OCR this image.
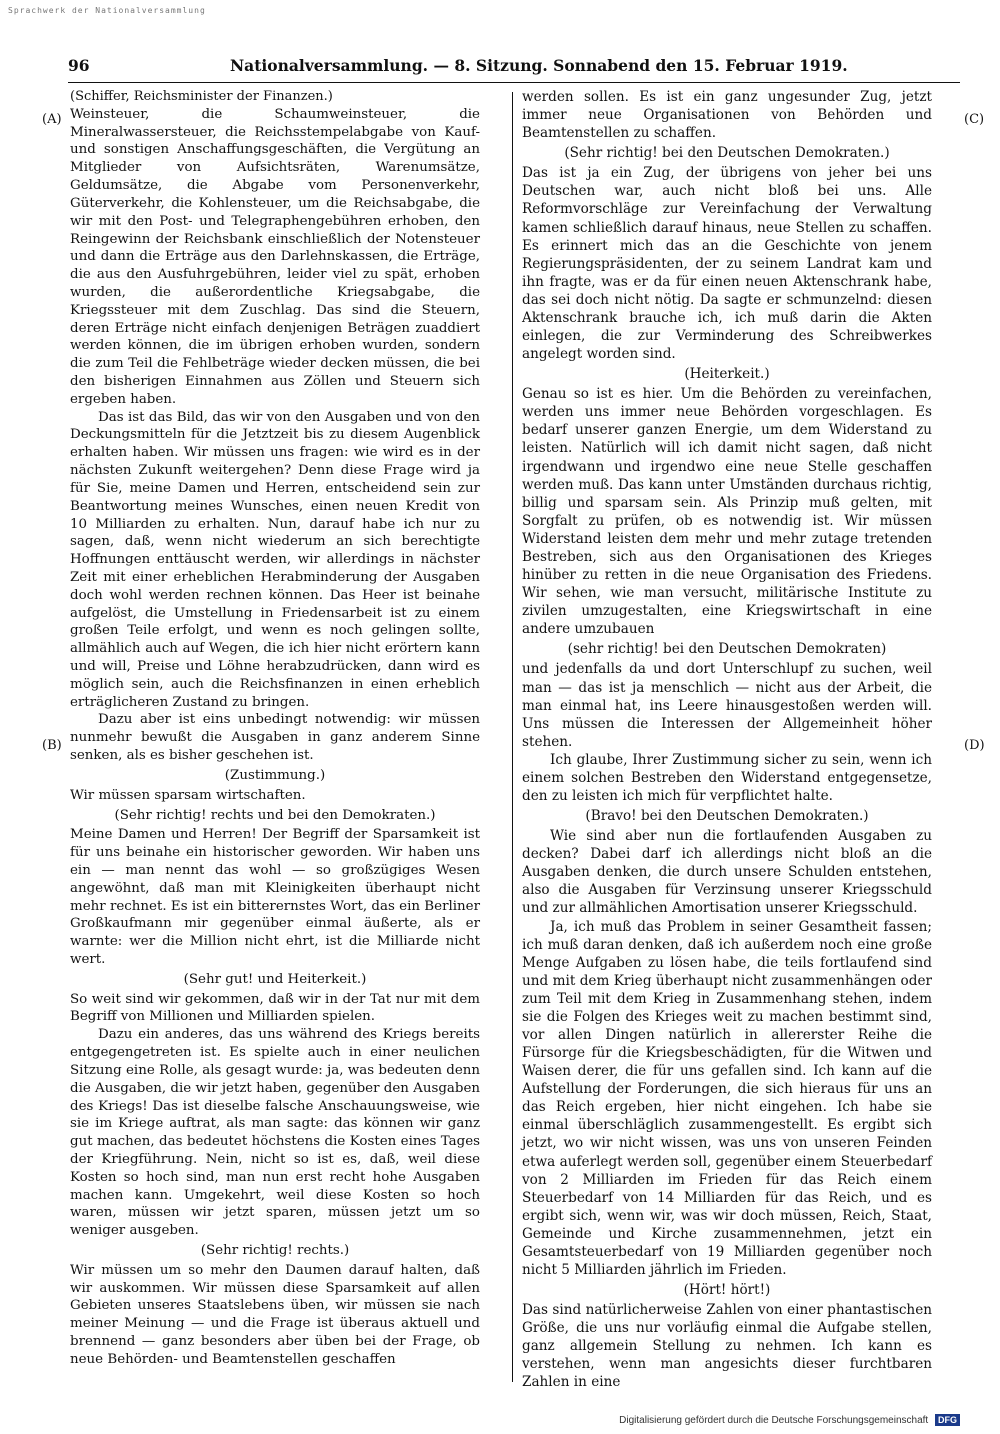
Sprachwerk der Nationalversammlung
96	Nationalversammlung. — 8. Sitzung. Sonnabend den 15. Februar 1919.
(A)
(B)
(C)
(D)

(Schiffer, Reichsminister der Finanzen.)

Weinsteuer, die Schaumweinsteuer, die Mineralwassersteuer, die Reichsstempelabgabe von Kauf- und sonstigen Anschaffungsgeschäften, die Vergütung an Mitglieder von Aufsichtsräten, Warenumsätze, Geldumsätze, die Abgabe vom Personenverkehr, Güterverkehr, die Kohlensteuer, um die Reichsabgabe, die wir mit den Post- und Telegraphengebühren erhoben, den Reingewinn der Reichsbank einschließlich der Notensteuer und dann die Erträge aus den Darlehnskassen, die Erträge, die aus den Ausfuhrgebühren, leider viel zu spät, erhoben wurden, die außerordentliche Kriegsabgabe, die Kriegssteuer mit dem Zuschlag. Das sind die Steuern, deren Erträge nicht einfach denjenigen Beträgen zuaddiert werden können, die im übrigen erhoben wurden, sondern die zum Teil die Fehlbeträge wieder decken müssen, die bei den bisherigen Einnahmen aus Zöllen und Steuern sich ergeben haben.

Das ist das Bild, das wir von den Ausgaben und von den Deckungsmitteln für die Jetztzeit bis zu diesem Augenblick erhalten haben. Wir müssen uns fragen: wie wird es in der nächsten Zukunft weitergehen? Denn diese Frage wird ja für Sie, meine Damen und Herren, entscheidend sein zur Beantwortung meines Wunsches, einen neuen Kredit von 10 Milliarden zu erhalten. Nun, darauf habe ich nur zu sagen, daß, wenn nicht wiederum an sich berechtigte Hoffnungen enttäuscht werden, wir allerdings in nächster Zeit mit einer erheblichen Herabminderung der Ausgaben doch wohl werden rechnen können. Das Heer ist beinahe aufgelöst, die Umstellung in Friedensarbeit ist zu einem großen Teile erfolgt, und wenn es noch gelingen sollte, allmählich auch auf Wegen, die ich hier nicht erörtern kann und will, Preise und Löhne herabzudrücken, dann wird es möglich sein, auch die Reichsfinanzen in einen erheblich erträglicheren Zustand zu bringen.

Dazu aber ist eins unbedingt notwendig: wir müssen nunmehr bewußt die Ausgaben in ganz anderem Sinne senken, als es bisher geschehen ist.

(Zustimmung.)

Wir müssen sparsam wirtschaften.

(Sehr richtig! rechts und bei den Demokraten.)

Meine Damen und Herren! Der Begriff der Sparsamkeit ist für uns beinahe ein historischer geworden. Wir haben uns ein — man nennt das wohl — so großzügiges Wesen angewöhnt, daß man mit Kleinigkeiten überhaupt nicht mehr rechnet. Es ist ein bitterernstes Wort, das ein Berliner Großkaufmann mir gegenüber einmal äußerte, als er warnte: wer die Million nicht ehrt, ist die Milliarde nicht wert.

(Sehr gut! und Heiterkeit.)

So weit sind wir gekommen, daß wir in der Tat nur mit dem Begriff von Millionen und Milliarden spielen.

Dazu ein anderes, das uns während des Kriegs bereits entgegengetreten ist. Es spielte auch in einer neulichen Sitzung eine Rolle, als gesagt wurde: ja, was bedeuten denn die Ausgaben, die wir jetzt haben, gegenüber den Ausgaben des Kriegs! Das ist dieselbe falsche Anschauungsweise, wie sie im Kriege auftrat, als man sagte: das können wir ganz gut machen, das bedeutet höchstens die Kosten eines Tages der Kriegführung. Nein, nicht so ist es, daß, weil diese Kosten so hoch sind, man nun erst recht hohe Ausgaben machen kann. Umgekehrt, weil diese Kosten so hoch waren, müssen wir jetzt sparen, müssen jetzt um so weniger ausgeben.

(Sehr richtig! rechts.)

Wir müssen um so mehr den Daumen darauf halten, daß wir auskommen. Wir müssen diese Sparsamkeit auf allen Gebieten unseres Staatslebens üben, wir müssen sie nach meiner Meinung — und die Frage ist überaus aktuell und brennend — ganz besonders aber üben bei der Frage, ob neue Behörden- und Beamtenstellen geschaffen

werden sollen. Es ist ein ganz ungesunder Zug, jetzt immer neue Organisationen von Behörden und Beamtenstellen zu schaffen.

(Sehr richtig! bei den Deutschen Demokraten.)

Das ist ja ein Zug, der übrigens von jeher bei uns Deutschen war, auch nicht bloß bei uns. Alle Reformvorschläge zur Vereinfachung der Verwaltung kamen schließlich darauf hinaus, neue Stellen zu schaffen. Es erinnert mich das an die Geschichte von jenem Regierungspräsidenten, der zu seinem Landrat kam und ihn fragte, was er da für einen neuen Aktenschrank habe, das sei doch nicht nötig. Da sagte er schmunzelnd: diesen Aktenschrank brauche ich, ich muß darin die Akten einlegen, die zur Verminderung des Schreibwerkes angelegt worden sind.

(Heiterkeit.)

Genau so ist es hier. Um die Behörden zu vereinfachen, werden uns immer neue Behörden vorgeschlagen. Es bedarf unserer ganzen Energie, um dem Widerstand zu leisten. Natürlich will ich damit nicht sagen, daß nicht irgendwann und irgendwo eine neue Stelle geschaffen werden muß. Das kann unter Umständen durchaus richtig, billig und sparsam sein. Als Prinzip muß gelten, mit Sorgfalt zu prüfen, ob es notwendig ist. Wir müssen Widerstand leisten dem mehr und mehr zutage tretenden Bestreben, sich aus den Organisationen des Krieges hinüber zu retten in die neue Organisation des Friedens. Wir sehen, wie man versucht, militärische Institute zu zivilen umzugestalten, eine Kriegswirtschaft in eine andere umzubauen

(sehr richtig! bei den Deutschen Demokraten)

und jedenfalls da und dort Unterschlupf zu suchen, weil man — das ist ja menschlich — nicht aus der Arbeit, die man einmal hat, ins Leere hinausgestoßen werden will. Uns müssen die Interessen der Allgemeinheit höher stehen.

Ich glaube, Ihrer Zustimmung sicher zu sein, wenn ich einem solchen Bestreben den Widerstand entgegensetze, den zu leisten ich mich für verpflichtet halte.

(Bravo! bei den Deutschen Demokraten.)

Wie sind aber nun die fortlaufenden Ausgaben zu decken? Dabei darf ich allerdings nicht bloß an die Ausgaben denken, die durch unsere Schulden entstehen, also die Ausgaben für Verzinsung unserer Kriegsschuld und zur allmählichen Amortisation unserer Kriegsschuld.

Ja, ich muß das Problem in seiner Gesamtheit fassen; ich muß daran denken, daß ich außerdem noch eine große Menge Aufgaben zu lösen habe, die teils fortlaufend sind und mit dem Krieg überhaupt nicht zusammenhängen oder zum Teil mit dem Krieg in Zusammenhang stehen, indem sie die Folgen des Krieges weit zu machen bestimmt sind, vor allen Dingen natürlich in allererster Reihe die Fürsorge für die Kriegsbeschädigten, für die Witwen und Waisen derer, die für uns gefallen sind. Ich kann auf die Aufstellung der Forderungen, die sich hieraus für uns an das Reich ergeben, hier nicht eingehen. Ich habe sie einmal überschläglich zusammengestellt. Es ergibt sich jetzt, wo wir nicht wissen, was uns von unseren Feinden etwa auferlegt werden soll, gegenüber einem Steuerbedarf von 2 Milliarden im Frieden für das Reich einem Steuerbedarf von 14 Milliarden für das Reich, und es ergibt sich, wenn wir, was wir doch müssen, Reich, Staat, Gemeinde und Kirche zusammennehmen, jetzt ein Gesamtsteuerbedarf von 19 Milliarden gegenüber noch nicht 5 Milliarden jährlich im Frieden.

(Hört! hört!)

Das sind natürlicherweise Zahlen von einer phantastischen Größe, die uns nur vorläufig einmal die Aufgabe stellen, ganz allgemein Stellung zu nehmen. Ich kann es verstehen, wenn man angesichts dieser furchtbaren Zahlen in eine

Digitalisierung gefördert durch die Deutsche Forschungsgemeinschaft DFG
